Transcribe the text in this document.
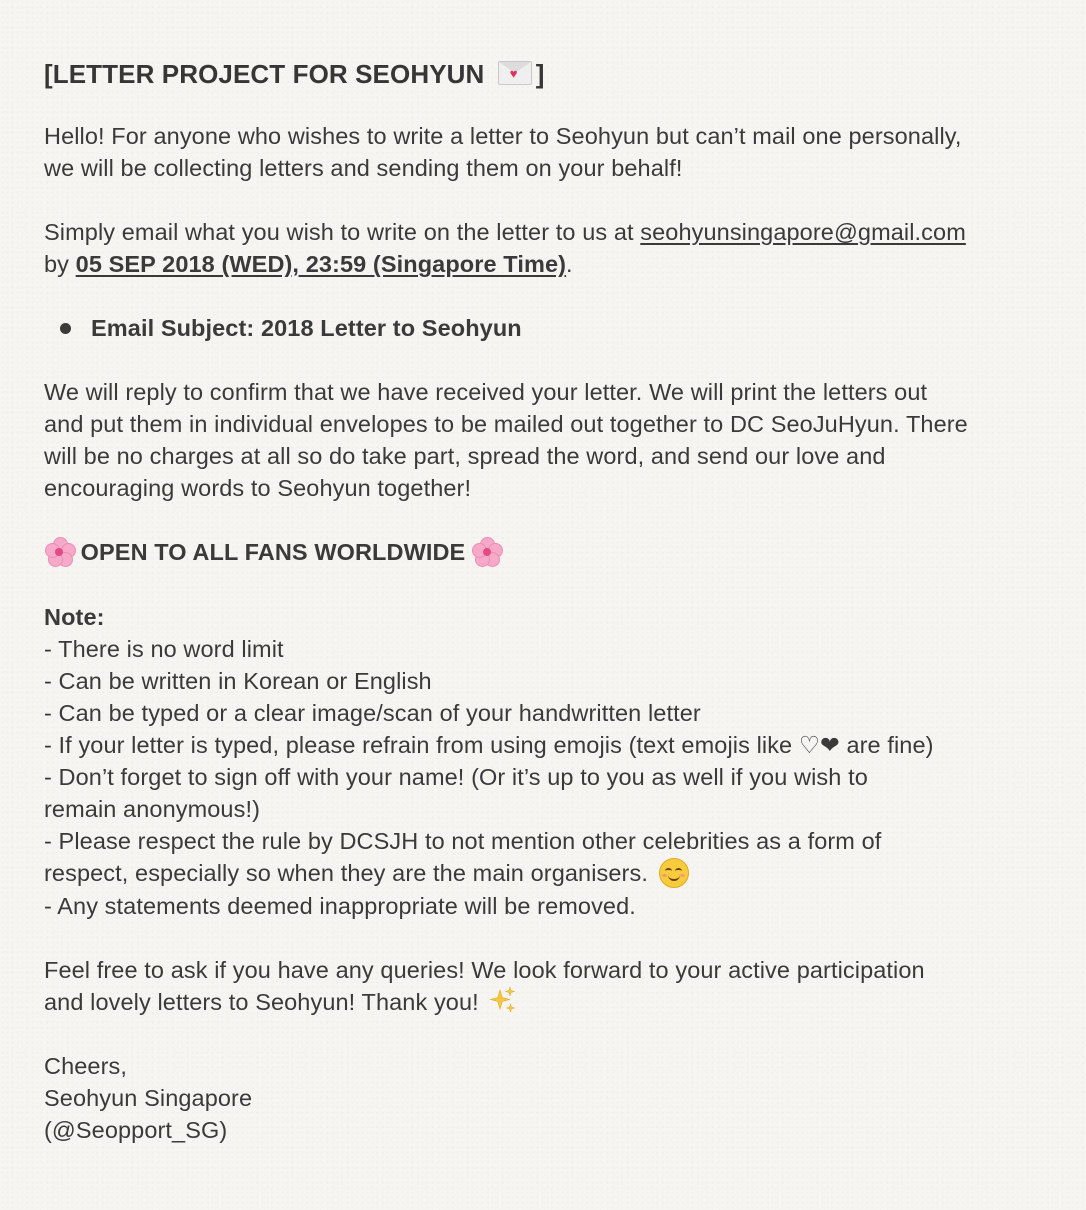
[LETTER PROJECT FOR SEOHYUN ♥ ]

Hello! For anyone who wishes to write a letter to Seohyun but can’t mail one personally,

we will be collecting letters and sending them on your behalf!

Simply email what you wish to write on the letter to us at seohyunsingapore@gmail.com

by 05 SEP 2018 (WED), 23:59 (Singapore Time).

Email Subject: 2018 Letter to Seohyun

We will reply to confirm that we have received your letter. We will print the letters out

and put them in individual envelopes to be mailed out together to DC SeoJuHyun. There

will be no charges at all so do take part, spread the word, and send our love and

encouraging words to Seohyun together!

OPEN TO ALL FANS WORLDWIDE

Note:

- There is no word limit

- Can be written in Korean or English

- Can be typed or a clear image/scan of your handwritten letter

- If your letter is typed, please refrain from using emojis (text emojis like ♡❤ are fine)

- Don’t forget to sign off with your name! (Or it’s up to you as well if you wish to

remain anonymous!)

- Please respect the rule by DCSJH to not mention other celebrities as a form of

respect, especially so when they are the main organisers.

- Any statements deemed inappropriate will be removed.

Feel free to ask if you have any queries! We look forward to your active participation

and lovely letters to Seohyun! Thank you!

Cheers,

Seohyun Singapore

(@Seopport_SG)
